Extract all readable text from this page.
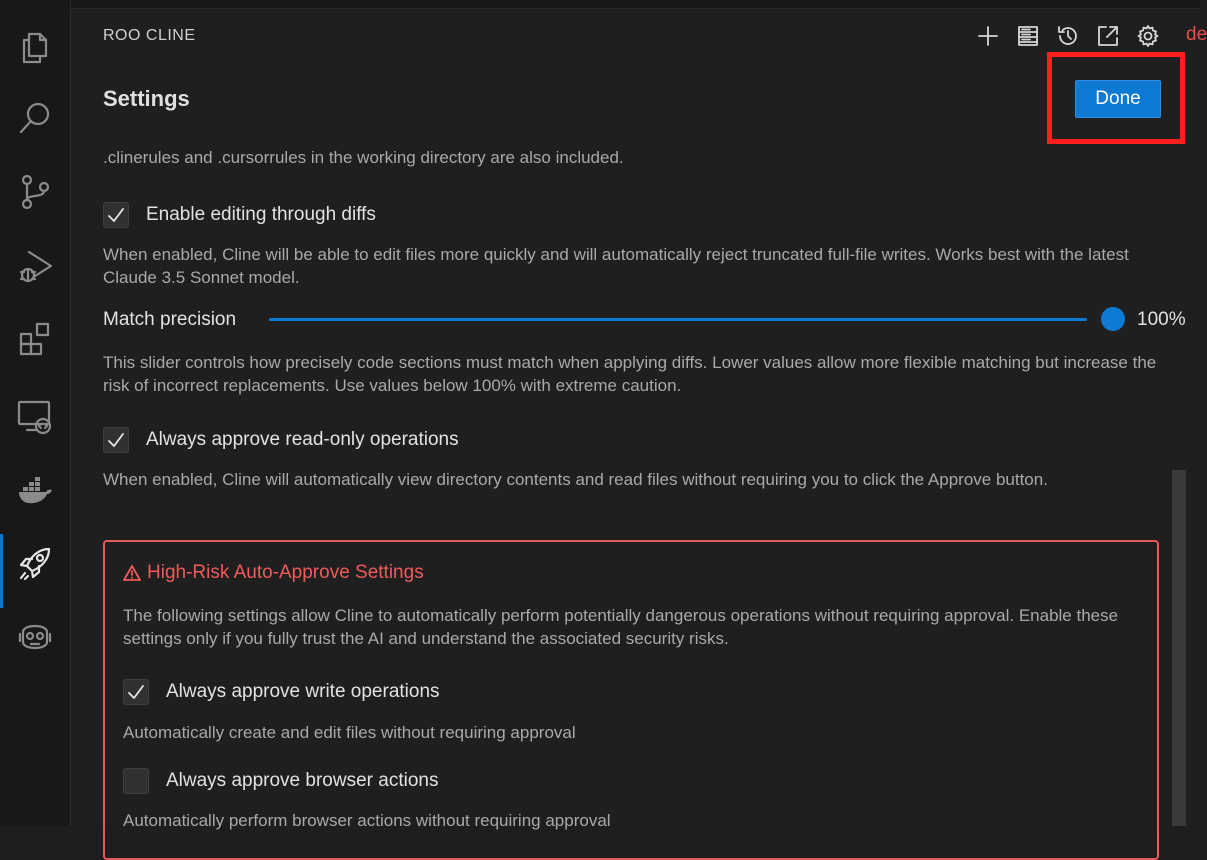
ROO CLINE	de
Settings	Done
.clinerules and .cursorrules in the working directory are also included.
Enable editing through diffs
When enabled, Cline will be able to edit files more quickly and will automatically reject truncated full-file writes. Works best with the latest Claude 3.5 Sonnet model.
Match precision	100%
This slider controls how precisely code sections must match when applying diffs. Lower values allow more flexible matching but increase the risk of incorrect replacements. Use values below 100% with extreme caution.
Always approve read-only operations
When enabled, Cline will automatically view directory contents and read files without requiring you to click the Approve button.
High-Risk Auto-Approve Settings
The following settings allow Cline to automatically perform potentially dangerous operations without requiring approval. Enable these settings only if you fully trust the AI and understand the associated security risks.
Always approve write operations
Automatically create and edit files without requiring approval
Always approve browser actions
Automatically perform browser actions without requiring approval
